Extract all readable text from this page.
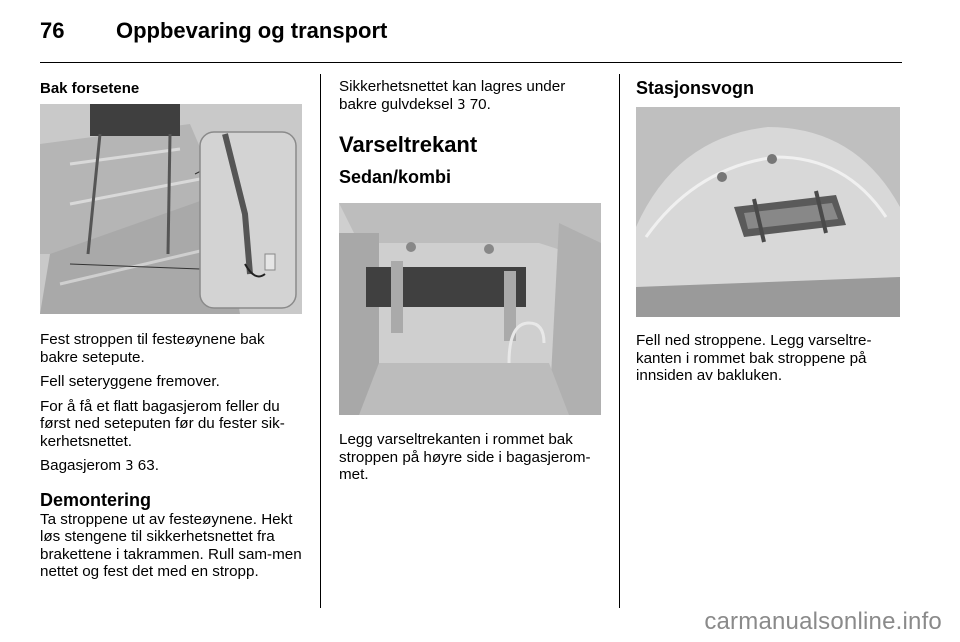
76 Oppbevaring og transport
Bak forsetene

Fest stroppen til festeøynene bak bakre setepute.

Fell seteryggene fremover.

For å få et flatt bagasjerom feller du først ned seteputen før du fester sik-kerhetsnettet.

Bagasjerom 3 63.

Demontering

Ta stroppene ut av festeøynene. Hekt løs stengene til sikkerhetsnettet fra brakettene i takrammen. Rull sam-men nettet og fest det med en stropp.

Sikkerhetsnettet kan lagres under bakre gulvdeksel 3 70.

Varseltrekant
Sedan/kombi

Legg varseltrekanten i rommet bak stroppen på høyre side i bagasjerom-met.

Stasjonsvogn

Fell ned stroppene. Legg varseltre-kanten i rommet bak stroppene på innsiden av bakluken.

carmanualsonline.info
